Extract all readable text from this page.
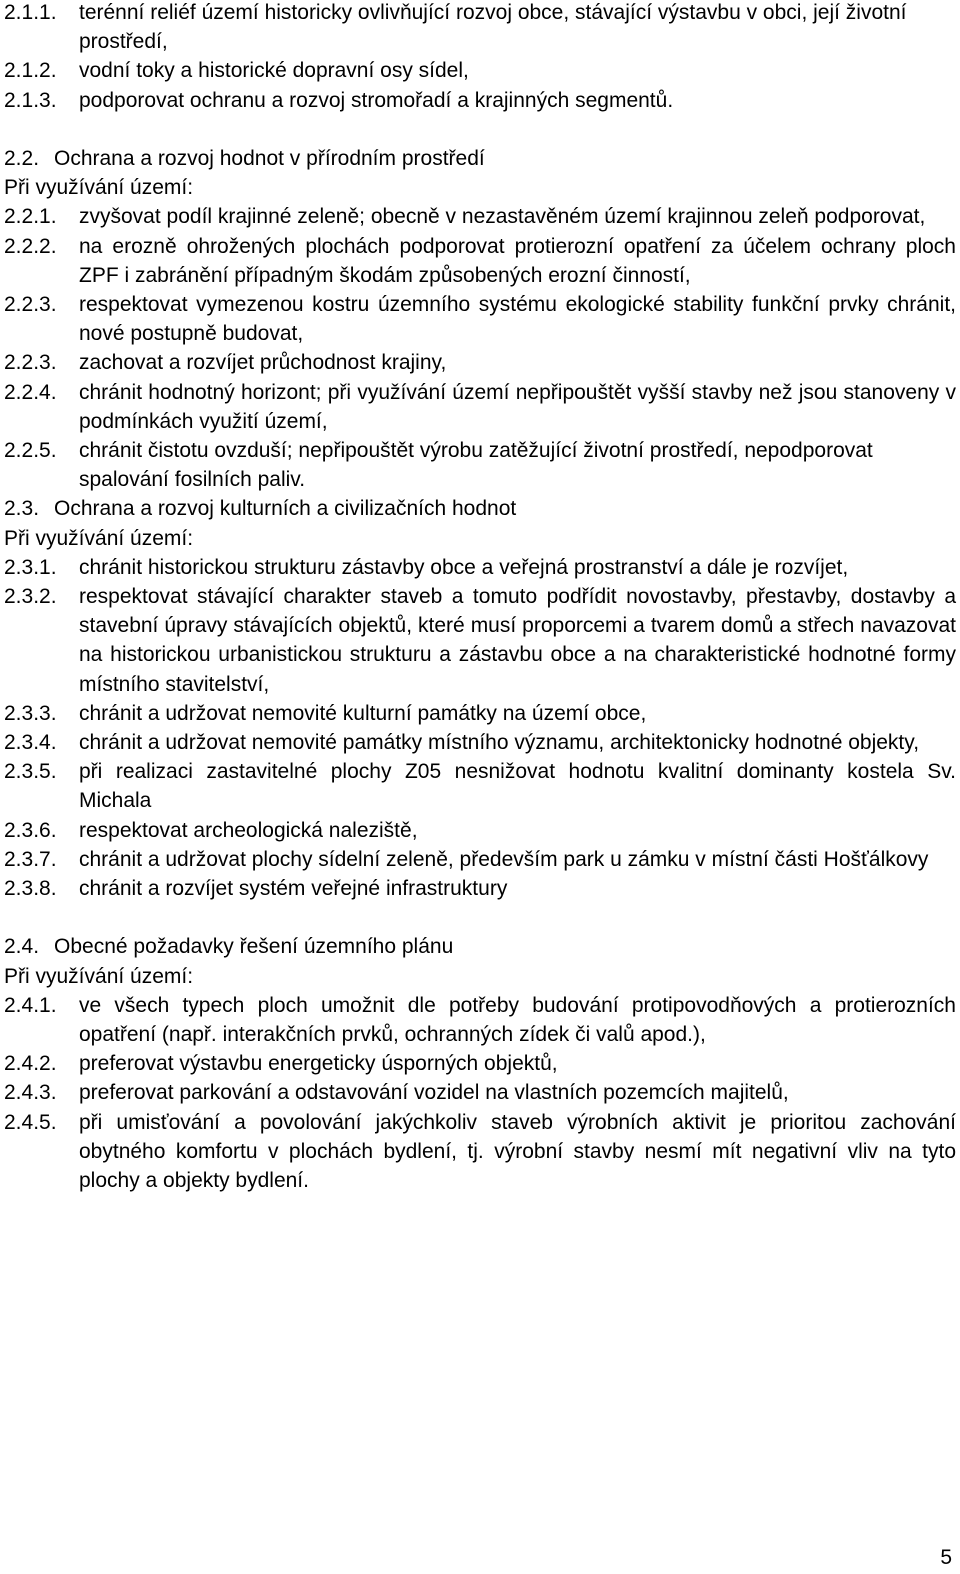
2.1.1.	terénní reliéf území historicky ovlivňující rozvoj obce, stávající výstavbu v obci, její životní prostředí,
2.1.2.	vodní toky a historické dopravní osy sídel,
2.1.3.	podporovat ochranu a rozvoj stromořadí a krajinných segmentů.
2.2. Ochrana a rozvoj hodnot v přírodním prostředí
Při využívání území:
2.2.1.	zvyšovat podíl krajinné zeleně; obecně v nezastavěném území krajinnou zeleň podporovat,
2.2.2.	na erozně ohrožených plochách podporovat protierozní opatření za účelem ochrany ploch ZPF i zabránění případným škodám způsobených erozní činností,
2.2.3.	respektovat vymezenou kostru územního systému ekologické stability funkční prvky chránit, nové postupně budovat,
2.2.3.	zachovat a rozvíjet průchodnost krajiny,
2.2.4.	chránit hodnotný horizont; při využívání území nepřipouštět vyšší stavby než jsou stanoveny v podmínkách využití území,
2.2.5.	chránit čistotu ovzduší; nepřipouštět výrobu zatěžující životní prostředí, nepodporovat spalování fosilních paliv.
2.3. Ochrana a rozvoj kulturních a civilizačních hodnot
Při využívání území:
2.3.1.	chránit historickou strukturu zástavby obce a veřejná prostranství a dále je rozvíjet,
2.3.2.	respektovat stávající charakter staveb a tomuto podřídit novostavby, přestavby, dostavby a stavební úpravy stávajících objektů, které musí proporcemi a tvarem domů a střech navazovat na historickou urbanistickou strukturu a zástavbu obce a na charakteristické hodnotné formy místního stavitelství,
2.3.3.	chránit a udržovat nemovité kulturní památky na území obce,
2.3.4.	chránit a udržovat nemovité památky místního významu, architektonicky hodnotné objekty,
2.3.5.	při realizaci zastavitelné plochy Z05 nesnižovat hodnotu kvalitní dominanty kostela Sv. Michala
2.3.6.	respektovat archeologická naleziště,
2.3.7.	chránit a udržovat plochy sídelní zeleně, především park u zámku v místní části Hošťálkovy
2.3.8.	chránit a rozvíjet systém veřejné infrastruktury
2.4. Obecné požadavky řešení územního plánu
Při využívání území:
2.4.1.	ve všech typech ploch umožnit dle potřeby budování protipovodňových a protierozních opatření (např. interakčních prvků, ochranných zídek či valů apod.),
2.4.2.	preferovat výstavbu energeticky úsporných objektů,
2.4.3.	preferovat parkování a odstavování vozidel na vlastních pozemcích majitelů,
2.4.5.	při umisťování a povolování jakýchkoliv staveb výrobních aktivit je prioritou zachování obytného komfortu v plochách bydlení, tj. výrobní stavby nesmí mít negativní vliv na tyto plochy a objekty bydlení.
5
